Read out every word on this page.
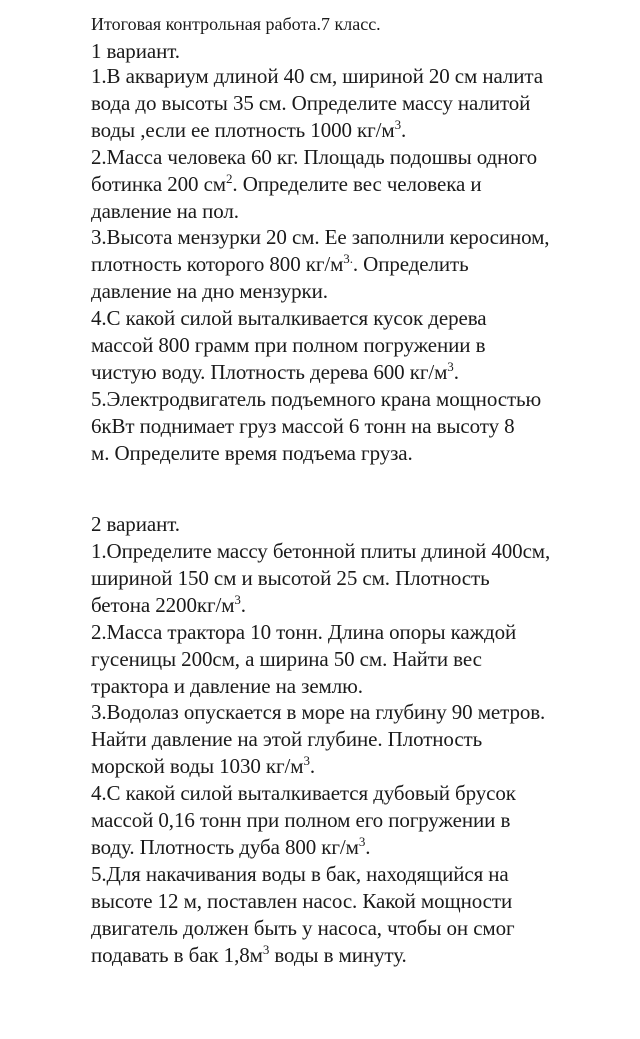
Итоговая контрольная работа.7 класс.
1 вариант.
1.В аквариум длиной 40 см, шириной 20 см налита
вода до высоты 35 см. Определите массу налитой
воды ,если ее плотность 1000 $кг/м^3$.
2.Масса человека 60 кг. Площадь подошвы одного
ботинка 200 $см^2$. Определите вес человека и
давление на пол.
3.Высота мензурки 20 см. Ее заполнили керосином,
плотность которого 800 $кг/м^{3.}$. Определить
давление на дно мензурки.
4.С какой силой выталкивается кусок дерева
массой 800 грамм при полном погружении в
чистую воду. Плотность дерева 600 $кг/м^3$.
5.Электродвигатель подъемного крана мощностью
6кВт поднимает груз массой 6 тонн на высоту 8
м. Определите время подъема груза.
2 вариант.
1.Определите массу бетонной плиты длиной 400см,
шириной 150 см и высотой 25 см. Плотность
бетона $2200кг/м^3$.
2.Масса трактора 10 тонн. Длина опоры каждой
гусеницы 200см, а ширина 50 см. Найти вес
трактора и давление на землю.
3.Водолаз опускается в море на глубину 90 метров.
Найти давление на этой глубине. Плотность
морской воды 1030 $кг/м^3$.
4.С какой силой выталкивается дубовый брусок
массой 0,16 тонн при полном его погружении в
воду. Плотность дуба 800 $кг/м^3$.
5.Для накачивания воды в бак, находящийся на
высоте 12 м, поставлен насос. Какой мощности
двигатель должен быть у насоса, чтобы он смог
подавать в бак $1,8м^3$ воды в минуту.
